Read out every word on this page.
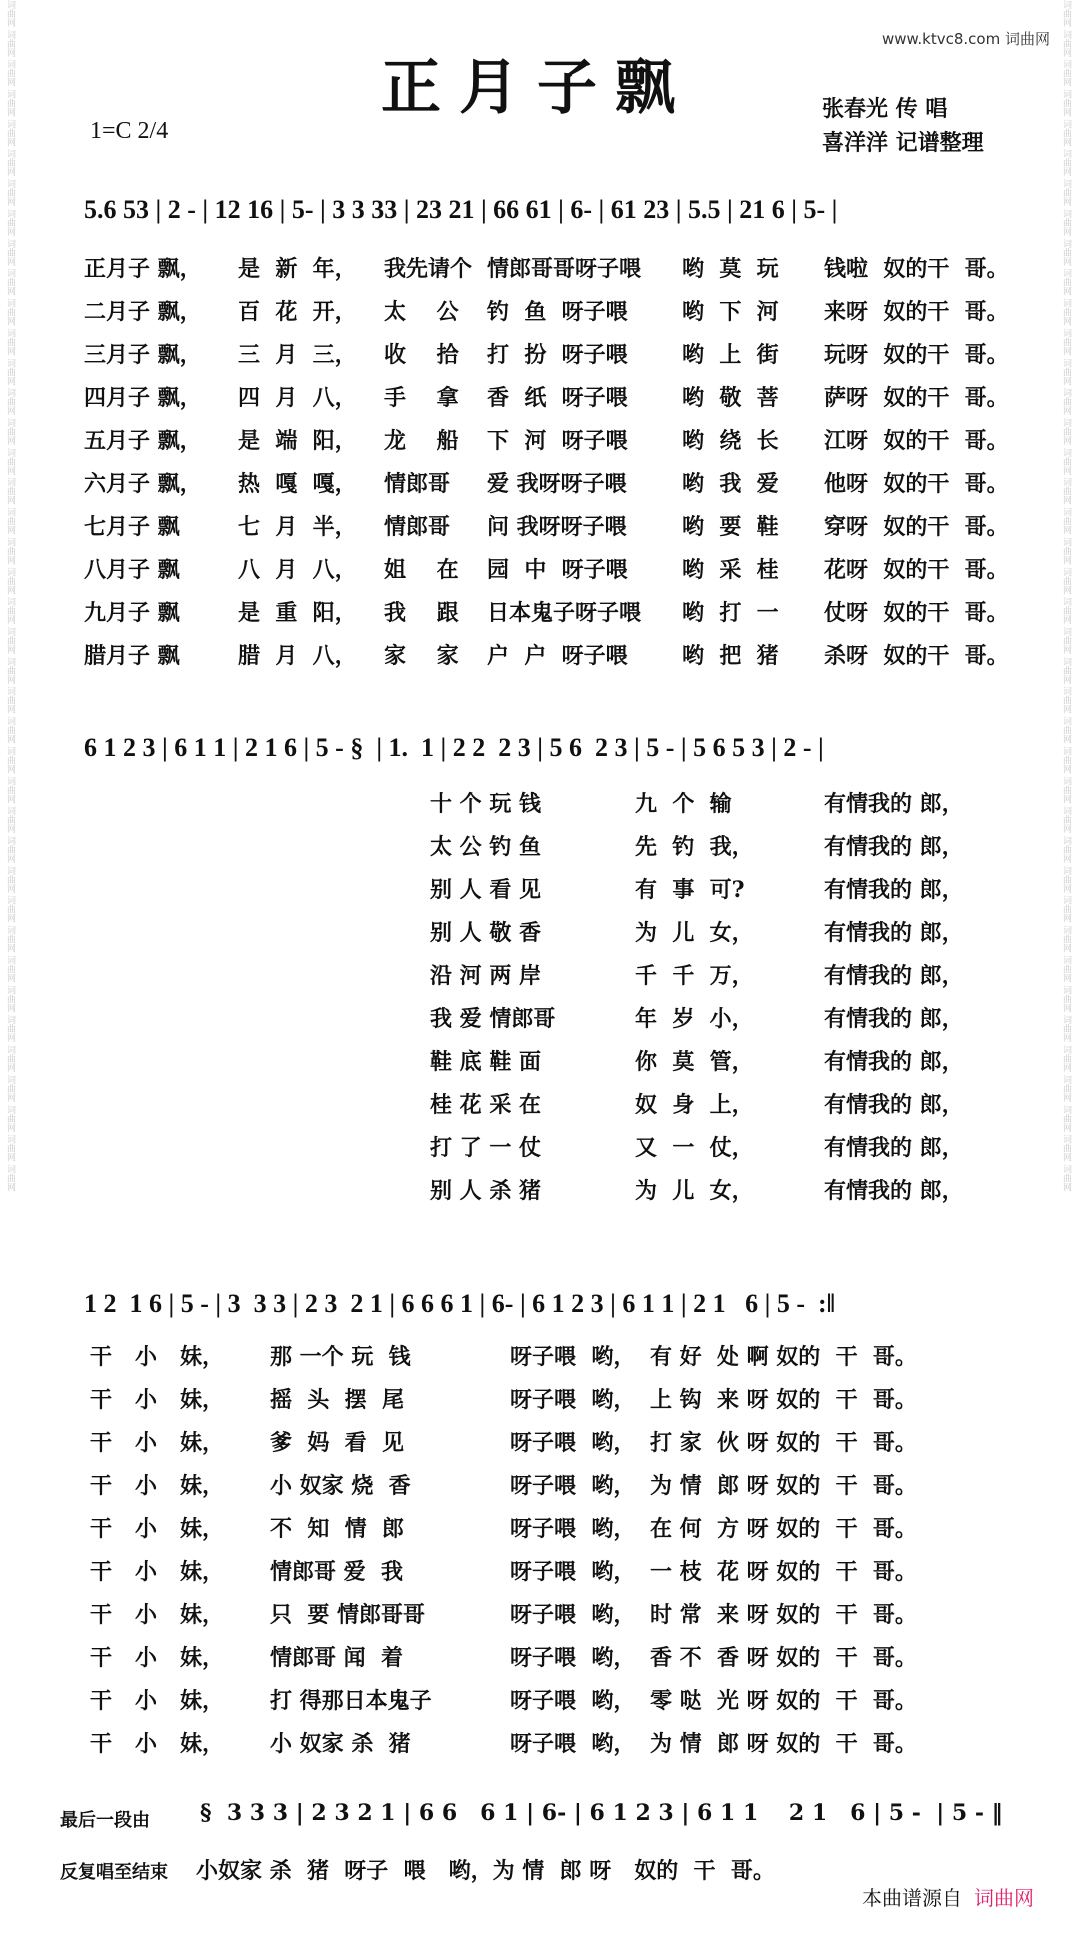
词曲网 词曲网 词曲网 词曲网 词曲网 词曲网 词曲网 词曲网 词曲网 词曲网 词曲网 词曲网 词曲网 词曲网 词曲网 词曲网 词曲网 词曲网 词曲网 词曲网 词曲网 词曲网 词曲网 词曲网 词曲网 词曲网 词曲网 词曲网 词曲网 词曲网 词曲网 词曲网 词曲网 词曲网 词曲网 词曲网 词曲网 词曲网 词曲网 词曲网	词曲网 词曲网 词曲网 词曲网 词曲网 词曲网 词曲网 词曲网 词曲网 词曲网 词曲网 词曲网 词曲网 词曲网 词曲网 词曲网 词曲网 词曲网 词曲网 词曲网 词曲网 词曲网 词曲网 词曲网 词曲网 词曲网 词曲网 词曲网 词曲网 词曲网 词曲网 词曲网 词曲网 词曲网 词曲网 词曲网 词曲网 词曲网 词曲网 词曲网
www.ktvc8.com 词曲网
正月子飘	张春光 传 唱
喜洋洋 记谱整理
1=C 2/4
5.6 53 | 2 - | 12 16 | 5- | 3 3 33 | 23 21 | 66 61 | 6- | 61 23 | 5.5 | 21 6 | 5- |
正月子 飘， 是  新  年， 我先请个 情郎哥哥呀子喂 哟  莫  玩 钱啦  奴的干  哥。
二月子 飘， 百  花  开， 太    公 钓  鱼  呀子喂 哟  下  河 来呀  奴的干  哥。
三月子 飘， 三  月  三， 收    拾 打  扮  呀子喂 哟  上  街 玩呀  奴的干  哥。
四月子 飘， 四  月  八， 手    拿 香  纸  呀子喂 哟  敬  菩 萨呀  奴的干  哥。
五月子 飘， 是  端  阳， 龙    船 下  河  呀子喂 哟  绕  长 江呀  奴的干  哥。
六月子 飘， 热  嘎  嘎， 情郎哥 爱 我呀呀子喂	哟  我  爱 他呀  奴的干  哥。
七月子 飘	七  月  半， 情郎哥 问 我呀呀子喂	哟  要  鞋 穿呀  奴的干  哥。
八月子 飘	八  月  八， 姐    在 园  中  呀子喂 哟  采  桂 花呀  奴的干  哥。
九月子 飘	是  重  阳， 我    跟 日本鬼子呀子喂 哟  打  一 仗呀  奴的干  哥。
腊月子 飘	腊  月  八， 家    家 户  户  呀子喂 哟  把  猪 杀呀  奴的干  哥。
6 1 2 3 | 6 1 1 | 2 1 6 | 5 - §  | 1.  1 | 2 2  2 3 | 5 6  2 3 | 5 - | 5 6 5 3 | 2 - |
十 个 玩 钱	九  个  输	有情我的 郎，
太 公 钓 鱼	先  钓  我，	有情我的 郎，
别 人 看 见	有  事  可?	有情我的 郎，
别 人 敬 香	为  儿  女，	有情我的 郎，
沿 河 两 岸	千  千  万，	有情我的 郎，
我 爱 情郎哥	年  岁  小，	有情我的 郎，
鞋 底 鞋 面	你  莫  管，	有情我的 郎，
桂 花 采 在	奴  身  上，	有情我的 郎，
打 了 一 仗	又  一  仗，	有情我的 郎，
别 人 杀 猪	为  儿  女，	有情我的 郎，
1 2  1 6 | 5 - | 3  3 3 | 2 3  2 1 | 6 6 6 1 | 6- | 6 1 2 3 | 6 1 1 | 2 1   6 | 5 -  :‖
干   小   妹， 那 一个 玩  钱	呀子喂  哟， 有 好  处 啊 奴的  干  哥。
干   小   妹， 摇  头  摆  尾	呀子喂  哟， 上 钩  来 呀 奴的  干  哥。
干   小   妹， 爹  妈  看  见	呀子喂  哟， 打 家  伙 呀 奴的  干  哥。
干   小   妹， 小 奴家 烧  香	呀子喂  哟， 为 情  郎 呀 奴的  干  哥。
干   小   妹， 不  知  情  郎	呀子喂  哟， 在 何  方 呀 奴的  干  哥。
干   小   妹， 情郎哥 爱  我	呀子喂  哟， 一 枝  花 呀 奴的  干  哥。
干   小   妹， 只  要 情郎哥哥	呀子喂  哟， 时 常  来 呀 奴的  干  哥。
干   小   妹， 情郎哥 闻  着	呀子喂  哟， 香 不  香 呀 奴的  干  哥。
干   小   妹， 打 得那日本鬼子	呀子喂  哟， 零 哒  光 呀 奴的  干  哥。
干   小   妹， 小 奴家 杀  猪	呀子喂  哟， 为 情  郎 呀 奴的  干  哥。
最后一段由 §  3 3 3 | 2 3 2 1 | 6 6   6 1 | 6- | 6 1 2 3 | 6 1 1    2 1   6 | 5 -  | 5 - ‖
反复唱至结束 小奴家 杀  猪  呀子  喂   哟，为 情  郎 呀   奴的  干  哥。
本曲谱源自 词曲网
